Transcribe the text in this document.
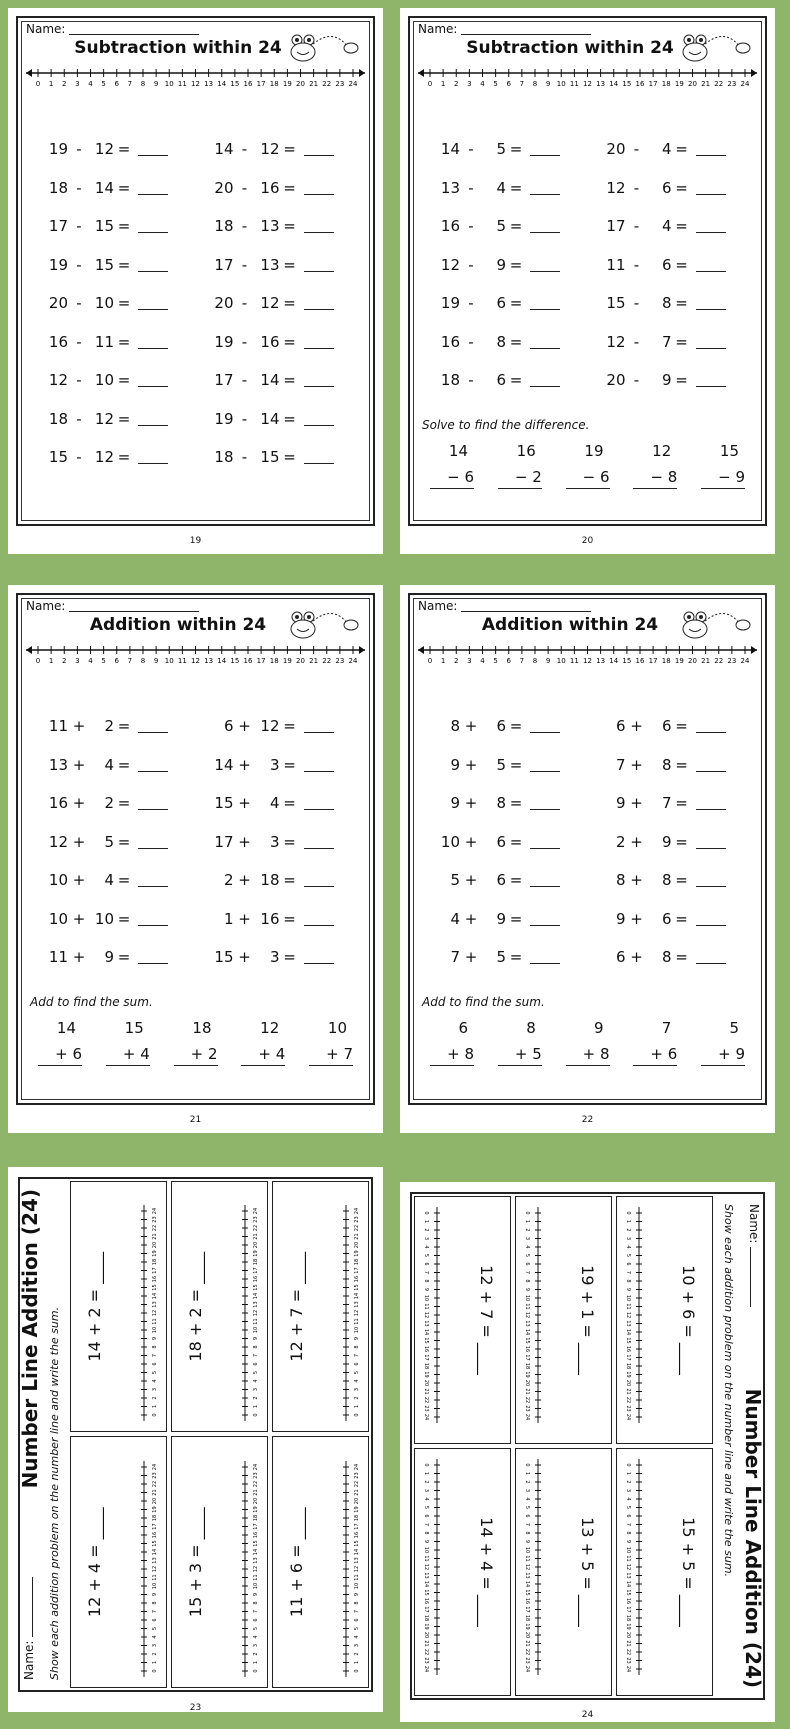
Name:
Subtraction within 24
0 1 2 3 4 5 6 7 8 9 10 11 12 13 14 15 16 17 18 19 20 21 22 23 24
19 - 12 =	14 - 12 =
18 - 14 =	20 - 16 =
17 - 15 =	18 - 13 =
19 - 15 =	17 - 13 =
20 - 10 =	20 - 12 =
16 - 11 =	19 - 16 =
12 - 10 =	17 - 14 =
18 - 12 =	19 - 14 =
15 - 12 =	18 - 15 =
19
Name:
Subtraction within 24
0 1 2 3 4 5 6 7 8 9 10 11 12 13 14 15 16 17 18 19 20 21 22 23 24
14 -	5 =	20 -	4 =
13 -	4 =	12 -	6 =
16 -	5 =	17 -	4 =
12 -	9 =	11 -	6 =
19 -	6 =	15 -	8 =
16 -	8 =	12 -	7 =
18 -	6 =	20 -	9 =
Solve to find the difference.
14
− 6
16
− 2
19
− 6
12
− 8
15
− 9
20
Name:
Addition within 24
0 1 2 3 4 5 6 7 8 9 10 11 12 13 14 15 16 17 18 19 20 21 22 23 24
11 +	2 =	6 + 12 =
13 +	4 =	14 +	3 =
16 +	2 =	15 +	4 =
12 +	5 =	17 +	3 =
10 +	4 =	2 + 18 =
10 + 10 =	1 + 16 =
11 +	9 =	15 +	3 =
Add to find the sum.
14
+ 6
15
+ 4
18
+ 2
12
+ 4
10
+ 7
21
Name:
Addition within 24
0 1 2 3 4 5 6 7 8 9 10 11 12 13 14 15 16 17 18 19 20 21 22 23 24
8 +	6 =	6 +	6 =
9 +	5 =	7 +	8 =
9 +	8 =	9 +	7 =
10 +	6 =	2 +	9 =
5 +	6 =	8 +	8 =
4 +	9 =	9 +	6 =
7 +	5 =	6 +	8 =
Add to find the sum.
6
+ 8
8
+ 5
9
+ 8
7
+ 6
5
+ 9
22
Name:
Number Line Addition (24) Show each addition problem on the number line and write the sum. 12 + 4 = ____
0
1
2
3
4
5
6
7
8
9
10
11
12
13
14
15
16
17
18
19
20
21
22
23
24
14 + 2 = ____
0
1
2
3
4
5
6
7
8
9
10
11
12
13
14
15
16
17
18
19
20
21
22
23
24
15 + 3 = ____
0
1
2
3
4
5
6
7
8
9
10
11
12
13
14
15
16
17
18
19
20
21
22
23
24
18 + 2 = ____
0
1
2
3
4
5
6
7
8
9
10
11
12
13
14
15
16
17
18
19
20
21
22
23
24
11 + 6 = ____
0
1
2
3
4
5
6
7
8
9
10
11
12
13
14
15
16
17
18
19
20
21
22
23
24
12 + 7 = ____
0
1
2
3
4
5
6
7
8
9
10
11
12
13
14
15
16
17
18
19
20
21
22
23
24
23
Name:
Number Line Addition (24)
Show each addition problem on the number line and write the sum.
10 + 6 = ____
0
1
2
3
4
5
6
7
8
9
10
11
12
13
14
15
16
17
18
19
20
21
22
23
24
15 + 5 = ____
0
1
2
3
4
5
6
7
8
9
10
11
12
13
14
15
16
17
18
19
20
21
22
23
24
19 + 1 = ____
0
1
2
3
4
5
6
7
8
9
10
11
12
13
14
15
16
17
18
19
20
21
22
23
24
13 + 5 = ____
0
1
2
3
4
5
6
7
8
9
10
11
12
13
14
15
16
17
18
19
20
21
22
23
24
12 + 7 = ____
0
1
2
3
4
5
6
7
8
9
10
11
12
13
14
15
16
17
18
19
20
21
22
23
24
14 + 4 = ____
0
1
2
3
4
5
6
7
8
9
10
11
12
13
14
15
16
17
18
19
20
21
22
23
24
24
